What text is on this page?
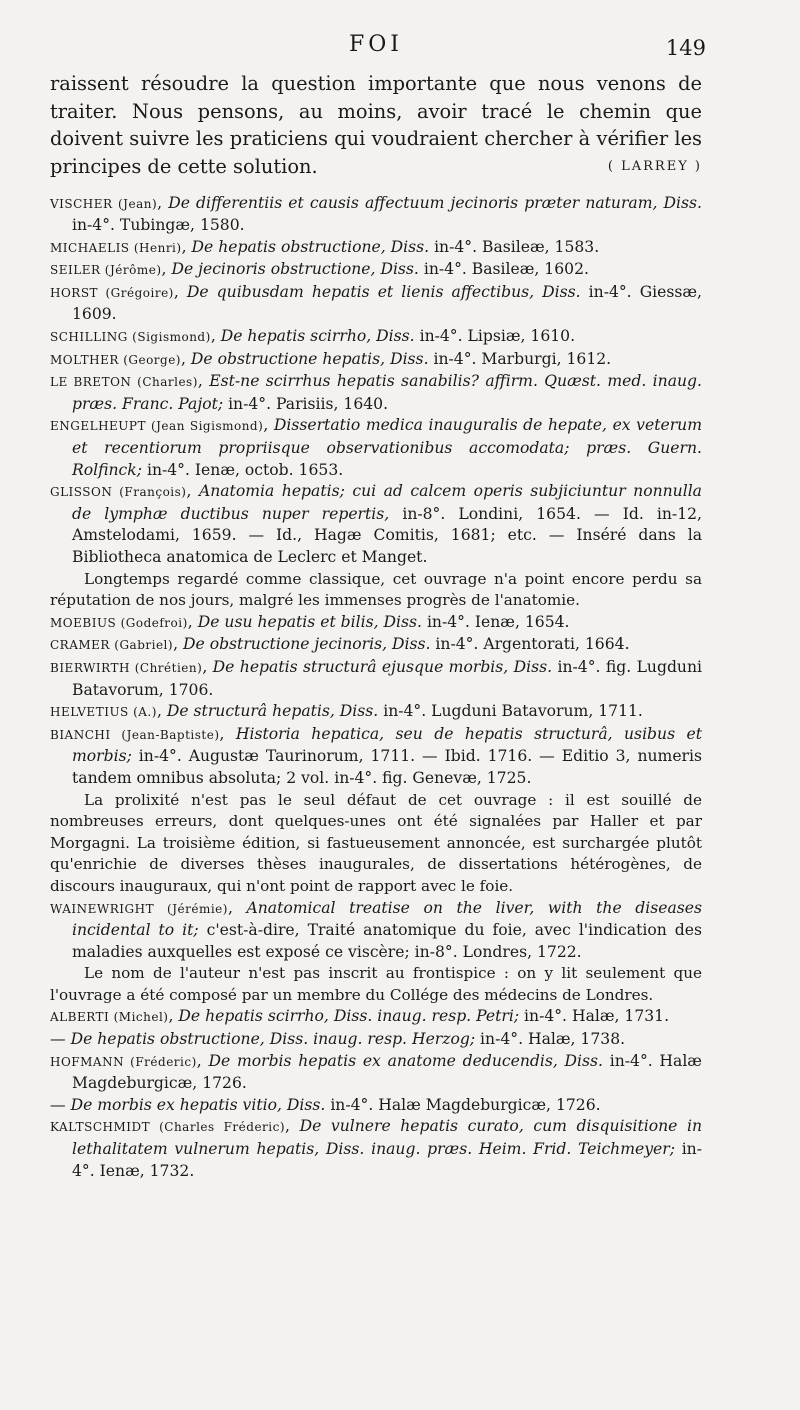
FOI	149

raissent résoudre la question importante que nous venons de traiter. Nous pensons, au moins, avoir tracé le chemin que doivent suivre les praticiens qui voudraient chercher à vérifier les principes de cette solution.	( LARREY )

VISCHER (Jean), De differentiis et causis affectuum jecinoris præter naturam, Diss. in-4°. Tubingæ, 1580.

MICHAELIS (Henri), De hepatis obstructione, Diss. in-4°. Basileæ, 1583.

SEILER (Jérôme), De jecinoris obstructione, Diss. in-4°. Basileæ, 1602.

HORST (Grégoire), De quibusdam hepatis et lienis affectibus, Diss. in-4°. Giessæ, 1609.

SCHILLING (Sigismond), De hepatis scirrho, Diss. in-4°. Lipsiæ, 1610.

MOLTHER (George), De obstructione hepatis, Diss. in-4°. Marburgi, 1612.

LE BRETON (Charles), Est-ne scirrhus hepatis sanabilis? affirm. Quæst. med. inaug. præs. Franc. Pajot; in-4°. Parisiis, 1640.

ENGELHEUPT (Jean Sigismond), Dissertatio medica inauguralis de hepate, ex veterum et recentiorum propriisque observationibus accomodata; præs. Guern. Rolfinck; in-4°. Ienæ, octob. 1653.

GLISSON (François), Anatomia hepatis; cui ad calcem operis subjiciuntur nonnulla de lymphæ ductibus nuper repertis, in-8°. Londini, 1654. — Id. in-12, Amstelodami, 1659. — Id., Hagæ Comitis, 1681; etc. — Inséré dans la Bibliotheca anatomica de Leclerc et Manget.

Longtemps regardé comme classique, cet ouvrage n'a point encore perdu sa réputation de nos jours, malgré les immenses progrès de l'anatomie.

MOEBIUS (Godefroi), De usu hepatis et bilis, Diss. in-4°. Ienæ, 1654.

CRAMER (Gabriel), De obstructione jecinoris, Diss. in-4°. Argentorati, 1664.

BIERWIRTH (Chrétien), De hepatis structurâ ejusque morbis, Diss. in-4°. fig. Lugduni Batavorum, 1706.

HELVETIUS (A.), De structurâ hepatis, Diss. in-4°. Lugduni Batavorum, 1711.

BIANCHI (Jean-Baptiste), Historia hepatica, seu de hepatis structurâ, usibus et morbis; in-4°. Augustæ Taurinorum, 1711. — Ibid. 1716. — Editio 3, numeris tandem omnibus absoluta; 2 vol. in-4°. fig. Genevæ, 1725.

La prolixité n'est pas le seul défaut de cet ouvrage : il est souillé de nombreuses erreurs, dont quelques-unes ont été signalées par Haller et par Morgagni. La troisième édition, si fastueusement annoncée, est surchargée plutôt qu'enrichie de diverses thèses inaugurales, de dissertations hétérogènes, de discours inauguraux, qui n'ont point de rapport avec le foie.

WAINEWRIGHT (Jérémie), Anatomical treatise on the liver, with the diseases incidental to it; c'est-à-dire, Traité anatomique du foie, avec l'indication des maladies auxquelles est exposé ce viscère; in-8°. Londres, 1722.

Le nom de l'auteur n'est pas inscrit au frontispice : on y lit seulement que l'ouvrage a été composé par un membre du Collége des médecins de Londres.

ALBERTI (Michel), De hepatis scirrho, Diss. inaug. resp. Petri; in-4°. Halæ, 1731.

— De hepatis obstructione, Diss. inaug. resp. Herzog; in-4°. Halæ, 1738.

HOFMANN (Fréderic), De morbis hepatis ex anatome deducendis, Diss. in-4°. Halæ Magdeburgicæ, 1726.

— De morbis ex hepatis vitio, Diss. in-4°. Halæ Magdeburgicæ, 1726.

KALTSCHMIDT (Charles Fréderic), De vulnere hepatis curato, cum disquisitione in lethalitatem vulnerum hepatis, Diss. inaug. præs. Heim. Frid. Teichmeyer; in-4°. Ienæ, 1732.
